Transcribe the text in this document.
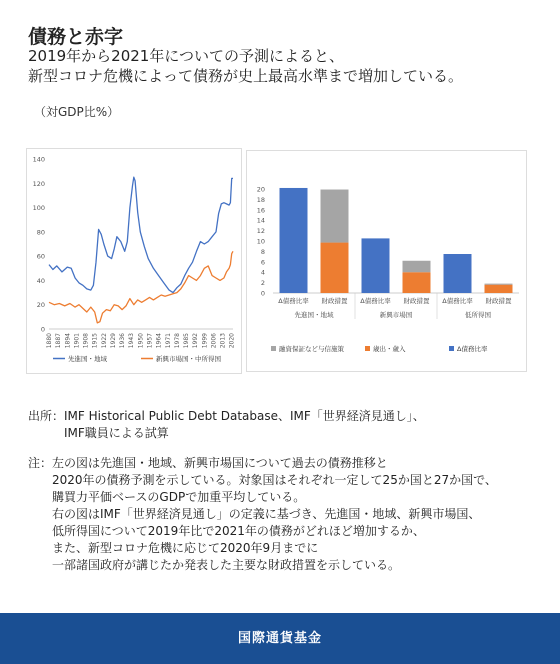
債務と赤字
2019年から2021年についての予測によると、
新型コロナ危機によって債務が史上最高水準まで増加している。
（対GDP比%）
0
20
40
60
80
100
120
140
1880 1887 1894 1901 1908 1915 1922 1929 1936 1943 1950 1957 1964 1971 1978 1985 1992 1999 2006 2013 2020
先進国・地域	新興市場国・中所得国
0
2
4
6
8
10
12
14
16
18
20
Δ債務比率 財政措置 Δ債務比率 財政措置 Δ債務比率 財政措置
先進国・地域	新興市場国	低所得国
融資保証など与信施策	歳出・歳入	Δ債務比率
出所： IMF Historical Public Debt Database、IMF「世界経済見通し」、
IMF職員による試算
注： 左の図は先進国・地域、新興市場国について過去の債務推移と
2020年の債務予測を示している。対象国はそれぞれ一定して25か国と27か国で、
購買力平価ベースのGDPで加重平均している。
右の図はIMF「世界経済見通し」の定義に基づき、先進国・地域、新興市場国、
低所得国について2019年比で2021年の債務がどれほど増加するか、
また、新型コロナ危機に応じて2020年9月までに
一部諸国政府が講じたか発表した主要な財政措置を示している。
国際通貨基金
